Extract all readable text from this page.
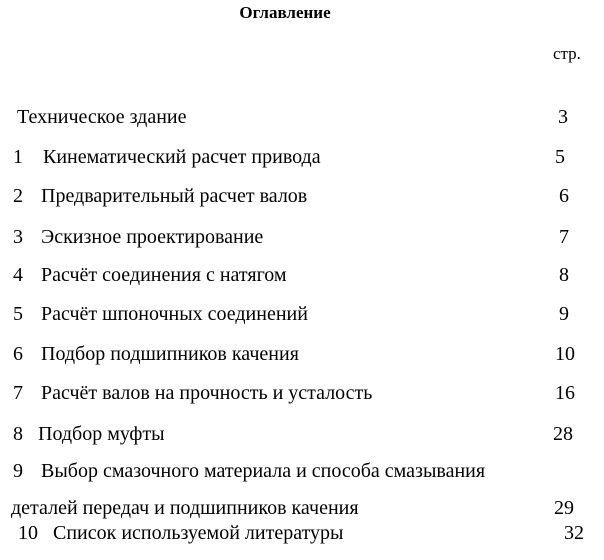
Оглавление
стр.
Техническое здание	3
1 Кинематический расчет привода	5
2 Предварительный расчет валов	6
3 Эскизное проектирование	7
4 Расчёт соединения с натягом	8
5 Расчёт шпоночных соединений	9
6 Подбор подшипников качения	10
7 Расчёт валов на прочность и усталость	16
8 Подбор муфты	28
9 Выбор смазочного материала и способа смазывания
деталей передач и подшипников качения	29
10 Список используемой литературы	32
